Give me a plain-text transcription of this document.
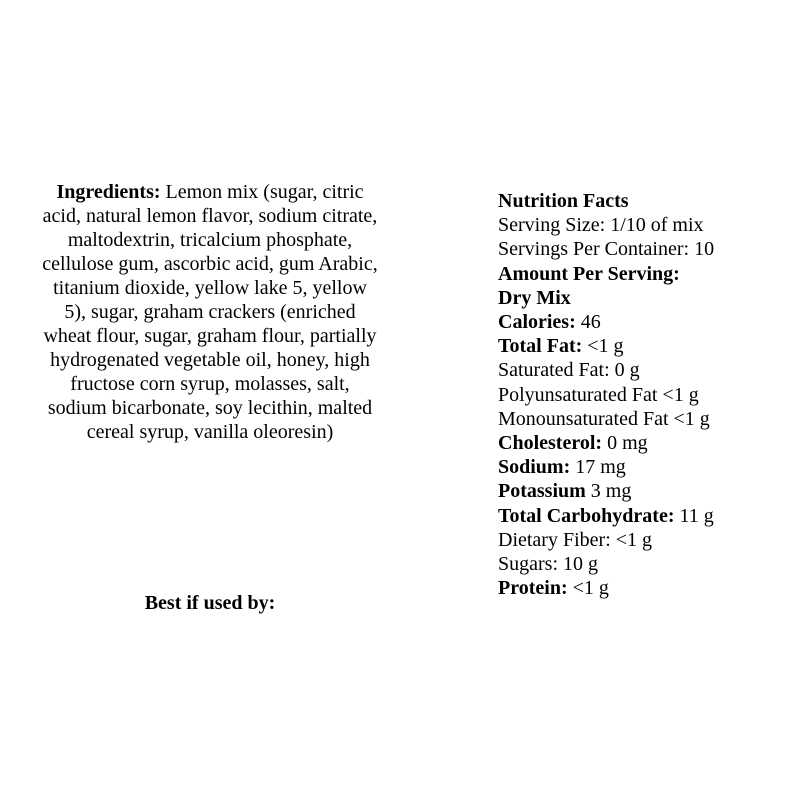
Ingredients: Lemon mix (sugar, citric acid, natural lemon flavor, sodium citrate, maltodextrin, tricalcium phosphate, cellulose gum, ascorbic acid, gum Arabic, titanium dioxide, yellow lake 5, yellow 5), sugar, graham crackers (enriched wheat flour, sugar, graham flour, partially hydrogenated vegetable oil, honey, high fructose corn syrup, molasses, salt, sodium bicarbonate, soy lecithin, malted cereal syrup, vanilla oleoresin)
Best if used by:
Nutrition Facts
Serving Size: 1/10 of mix
Servings Per Container: 10
Amount Per Serving:
Dry Mix
Calories: 46
Total Fat: <1 g
Saturated Fat: 0 g
Polyunsaturated Fat <1 g
Monounsaturated Fat <1 g
Cholesterol: 0 mg
Sodium: 17 mg
Potassium 3 mg
Total Carbohydrate: 11 g
Dietary Fiber: <1 g
Sugars: 10 g
Protein: <1 g
